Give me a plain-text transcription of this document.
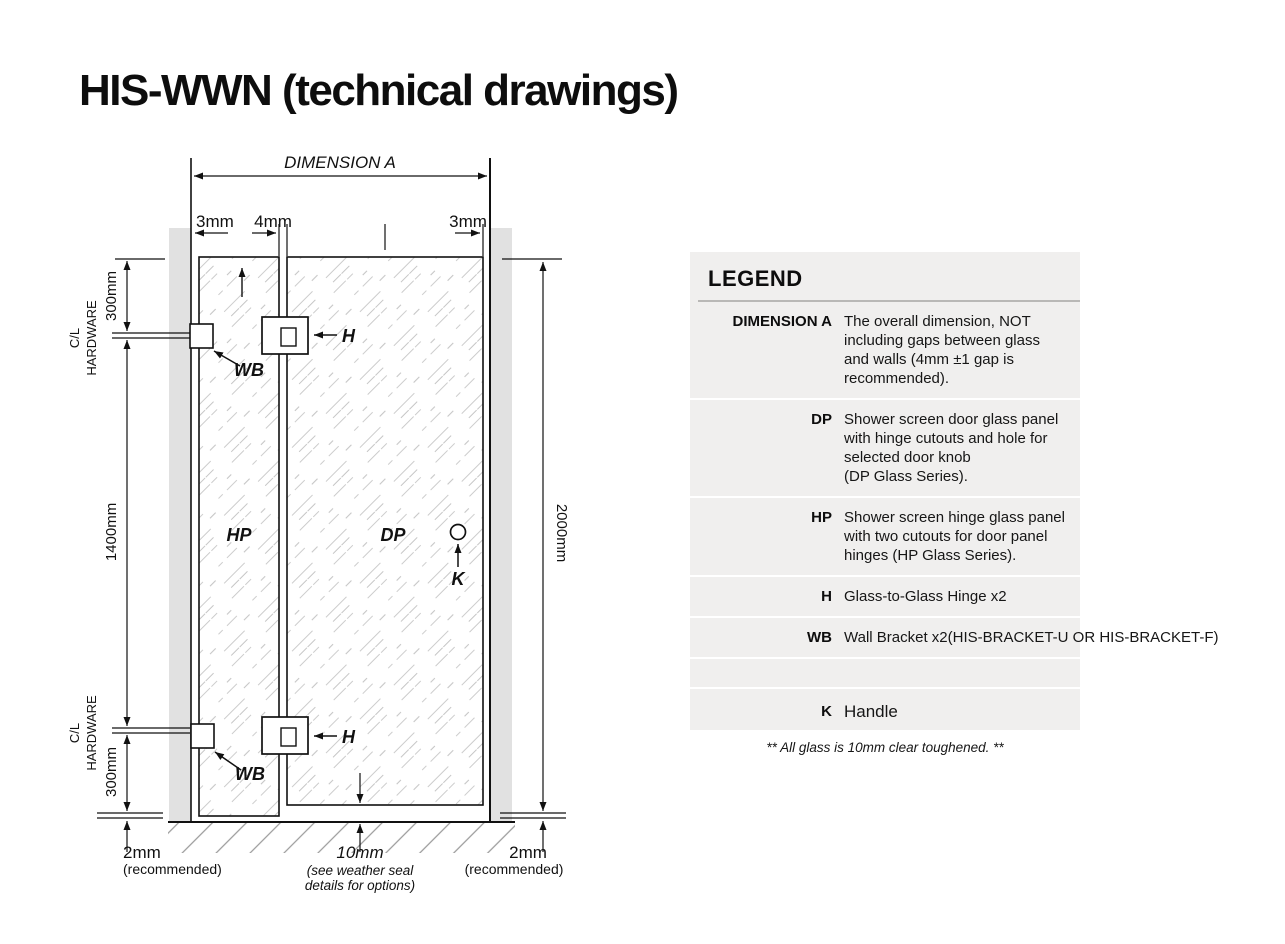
HIS-WWN (technical drawings)
DIMENSION A
3mm 4mm	3mm
300mm
1400mm
300mm
C/L HARDWARE
C/L HARDWARE
2000mm
H
WB
H
WB
K
HP	DP
2mm
(recommended)
10mm
(see weather seal
details for options)
2mm
(recommended)
LEGEND
DIMENSION A The overall dimension, NOT
including gaps between glass
and walls (4mm ±1 gap is
recommended).
DP Shower screen door glass panel
with hinge cutouts and hole for
selected door knob
(DP Glass Series).
HP Shower screen hinge glass panel
with two cutouts for door panel
hinges (HP Glass Series).
H Glass-to-Glass Hinge x2
WB Wall Bracket x2(HIS-BRACKET-U OR HIS-BRACKET-F)
K Handle
** All glass is 10mm clear toughened. **
